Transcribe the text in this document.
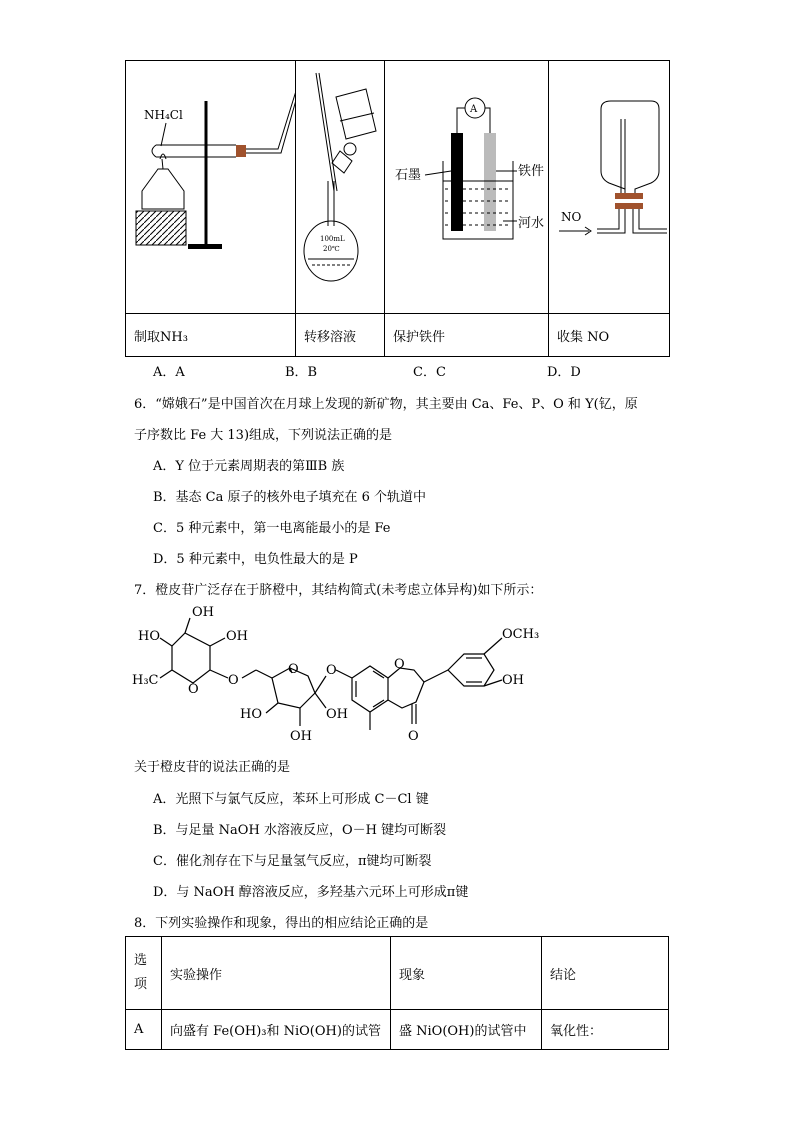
NH₄Cl	100mL
20℃	A
石墨 铁件
河水	NO

制取NH₃	转移溶液	保护铁件	收集 NO
A．A	B．B	C．C	D．D
6．“嫦娥石”是中国首次在月球上发现的新矿物，其主要由 Ca、Fe、P、O 和 Y(钇，原
子序数比 Fe 大 13)组成，下列说法正确的是
A．Y 位于元素周期表的第ⅢB 族
B．基态 Ca 原子的核外电子填充在 6 个轨道中
C．5 种元素中，第一电离能最小的是 Fe
D．5 种元素中，电负性最大的是 P
7．橙皮苷广泛存在于脐橙中，其结构简式(未考虑立体异构)如下所示：
OH
HO	OH
H₃C
O
O
O O
HO	OH
OH
O
OCH₃
OH
O
关于橙皮苷的说法正确的是
A．光照下与氯气反应，苯环上可形成 C－Cl 键
B．与足量 NaOH 水溶液反应，O－H 键均可断裂
C．催化剂存在下与足量氢气反应，π键均可断裂
D．与 NaOH 醇溶液反应，多羟基六元环上可形成π键
8．下列实验操作和现象，得出的相应结论正确的是
选
项	实验操作	现象	结论
A	向盛有 Fe(OH)₃和 NiO(OH)的试管	盛 NiO(OH)的试管中	氧化性：
